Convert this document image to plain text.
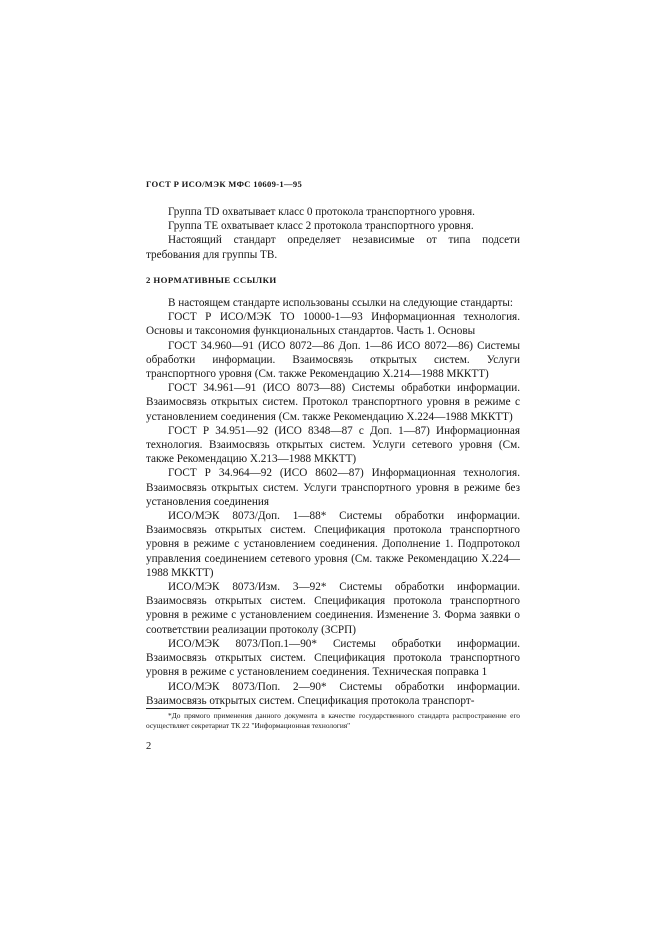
ГОСТ Р ИСО/МЭК МФС 10609-1—95

Группа TD охватывает класс 0 протокола транспортного уровня.

Группа ТЕ охватывает класс 2 протокола транспортного уровня.

Настоящий стандарт определяет независимые от типа подсети требования для группы ТВ.

2 НОРМАТИВНЫЕ ССЫЛКИ

В настоящем стандарте использованы ссылки на следующие стандарты:

ГОСТ Р ИСО/МЭК ТО 10000-1—93 Информационная технология. Основы и таксономия функциональных стандартов. Часть 1. Основы

ГОСТ 34.960—91 (ИСО 8072—86 Доп. 1—86 ИСО 8072—86) Системы обработки информации. Взаимосвязь открытых систем. Услуги транспортного уровня (См. также Рекомендацию X.214—1988 МККТТ)

ГОСТ 34.961—91 (ИСО 8073—88) Системы обработки информации. Взаимосвязь открытых систем. Протокол транспортного уровня в режиме с установлением соединения (См. также Рекомендацию X.224—1988 МККТТ)

ГОСТ Р 34.951—92 (ИСО 8348—87 с Доп. 1—87) Информационная технология. Взаимосвязь открытых систем. Услуги сетевого уровня (См. также Рекомендацию X.213—1988 МККТТ)

ГОСТ Р 34.964—92 (ИСО 8602—87) Информационная технология. Взаимосвязь открытых систем. Услуги транспортного уровня в режиме без установления соединения

ИСО/МЭК 8073/Доп. 1—88* Системы обработки информации. Взаимосвязь открытых систем. Спецификация протокола транспортного уровня в режиме с установлением соединения. Дополнение 1. Подпротокол управления соединением сетевого уровня (См. также Рекомендацию X.224—1988 МККТТ)

ИСО/МЭК 8073/Изм. 3—92* Системы обработки информации. Взаимосвязь открытых систем. Спецификация протокола транспортного уровня в режиме с установлением соединения. Изменение 3. Форма заявки о соответствии реализации протоколу (ЗСРП)

ИСО/МЭК 8073/Поп.1—90* Системы обработки информации. Взаимосвязь открытых систем. Спецификация протокола транспортного уровня в режиме с установлением соединения. Техническая поправка 1

ИСО/МЭК 8073/Поп. 2—90* Системы обработки информации. Взаимосвязь открытых систем. Спецификация протокола транспорт-

*До прямого применения данного документа в качестве государственного стандарта распространение его осуществляет секретариат ТК 22 "Информационная технология"
2
